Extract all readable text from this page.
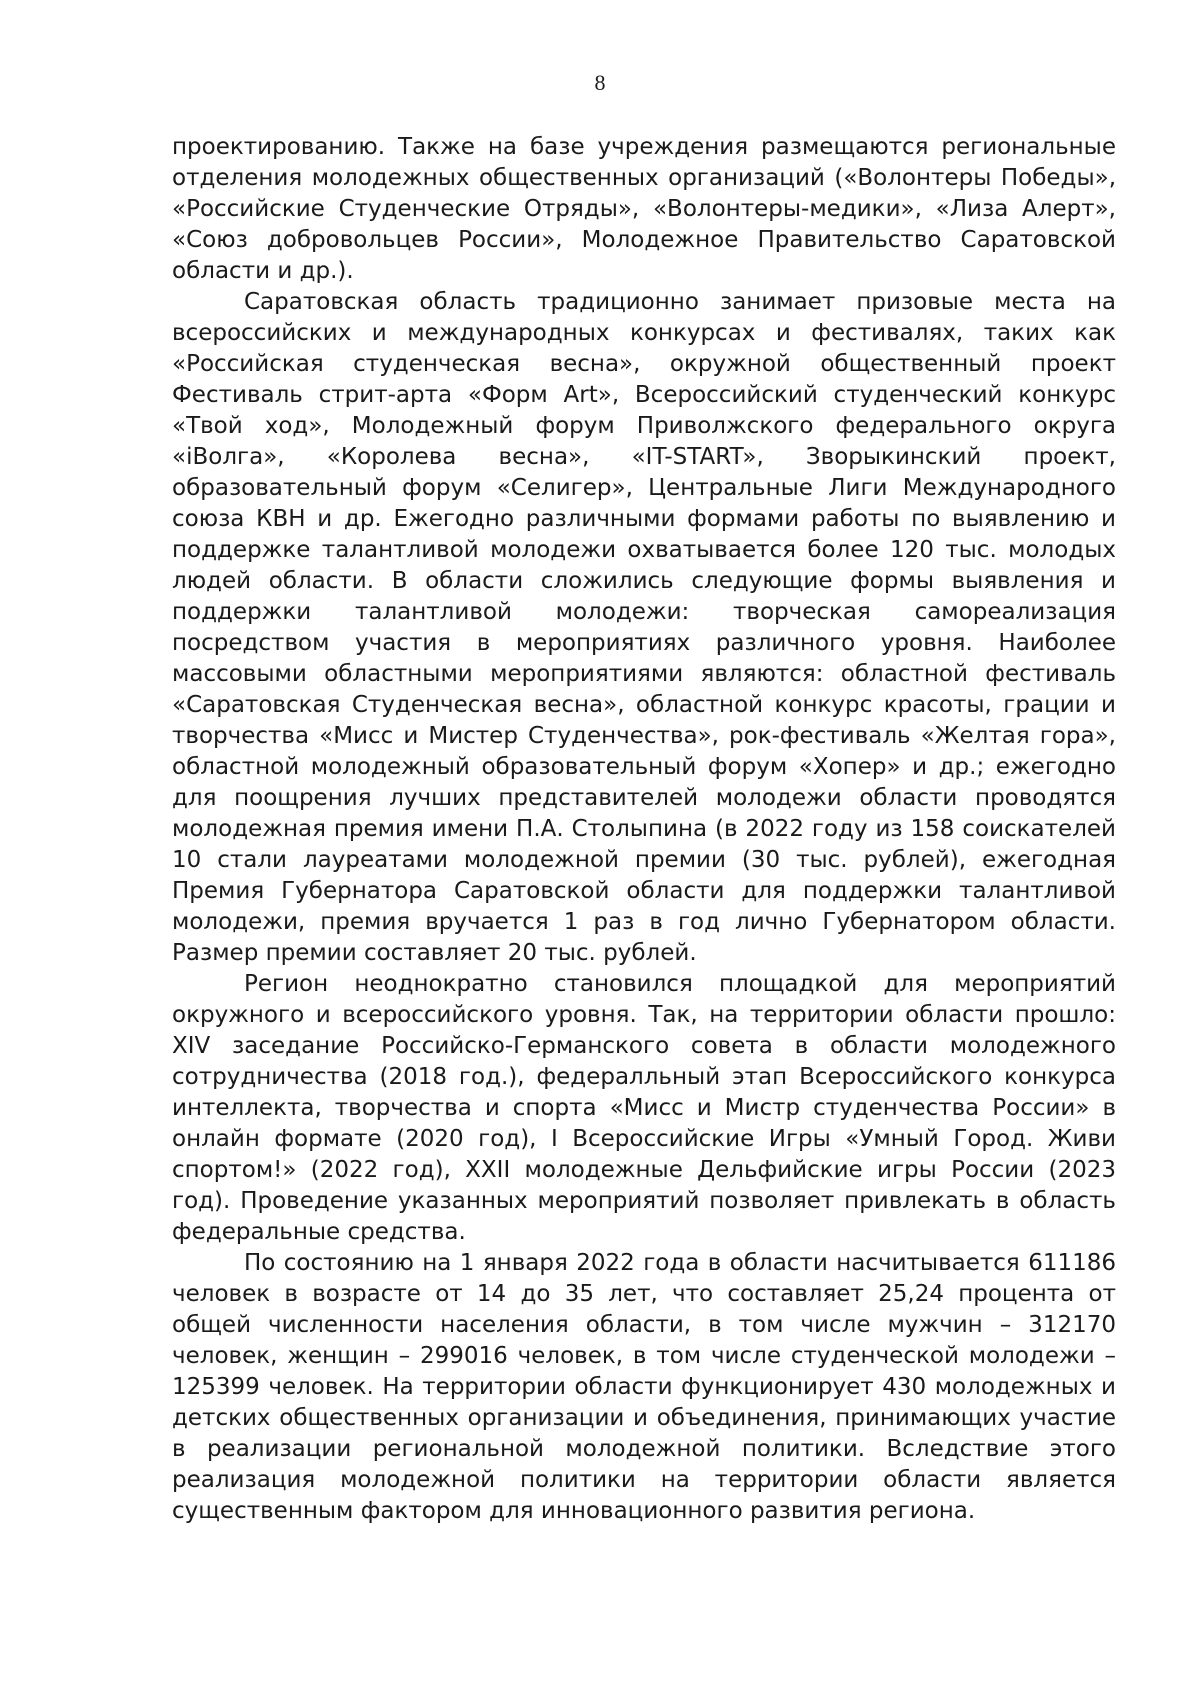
8

проектированию. Также на базе учреждения размещаются региональные отделения молодежных общественных организаций («Волонтеры Победы», «Российские Студенческие Отряды», «Волонтеры-медики», «Лиза Алерт», «Союз добровольцев России», Молодежное Правительство Саратовской области и др.).

Саратовская область традиционно занимает призовые места на всероссийских и международных конкурсах и фестивалях, таких как «Российская студенческая весна», окружной общественный проект Фестиваль стрит-арта «Форм Art», Всероссийский студенческий конкурс «Твой ход», Молодежный форум Приволжского федерального округа «iВолга», «Королева весна», «IT-START», Зворыкинский проект, образовательный форум «Селигер», Центральные Лиги Международного союза КВН и др. Ежегодно различными формами работы по выявлению и поддержке талантливой молодежи охватывается более 120 тыс. молодых людей области. В области сложились следующие формы выявления и поддержки талантливой молодежи: творческая самореализация посредством участия в мероприятиях различного уровня. Наиболее массовыми областными мероприятиями являются: областной фестиваль «Саратовская Студенческая весна», областной конкурс красоты, грации и творчества «Мисс и Мистер Студенчества», рок-фестиваль «Желтая гора», областной молодежный образовательный форум «Хопер» и др.; ежегодно для поощрения лучших представителей молодежи области проводятся молодежная премия имени П.А. Столыпина (в 2022 году из 158 соискателей 10 стали лауреатами молодежной премии (30 тыс. рублей), ежегодная Премия Губернатора Саратовской области для поддержки талантливой молодежи, премия вручается 1 раз в год лично Губернатором области. Размер премии составляет 20 тыс. рублей.

Регион неоднократно становился площадкой для мероприятий окружного и всероссийского уровня. Так, на территории области прошло: XIV заседание Российско-Германского совета в области молодежного сотрудничества (2018 год.), федералльный этап Всероссийского конкурса интеллекта, творчества и спорта «Мисс и Мистр студенчества России» в онлайн формате (2020 год), I Всероссийские Игры «Умный Город. Живи спортом!» (2022 год), XXII молодежные Дельфийские игры России (2023 год). Проведение указанных мероприятий позволяет привлекать в область федеральные средства.

По состоянию на 1 января 2022 года в области насчитывается 611186 человек в возрасте от 14 до 35 лет, что составляет 25,24 процента от общей численности населения области, в том числе мужчин – 312170 человек, женщин – 299016 человек, в том числе студенческой молодежи – 125399 человек. На территории области функционирует 430 молодежных и детских общественных организации и объединения, принимающих участие в реализации региональной молодежной политики. Вследствие этого реализация молодежной политики на территории области является существенным фактором для инновационного развития региона.
